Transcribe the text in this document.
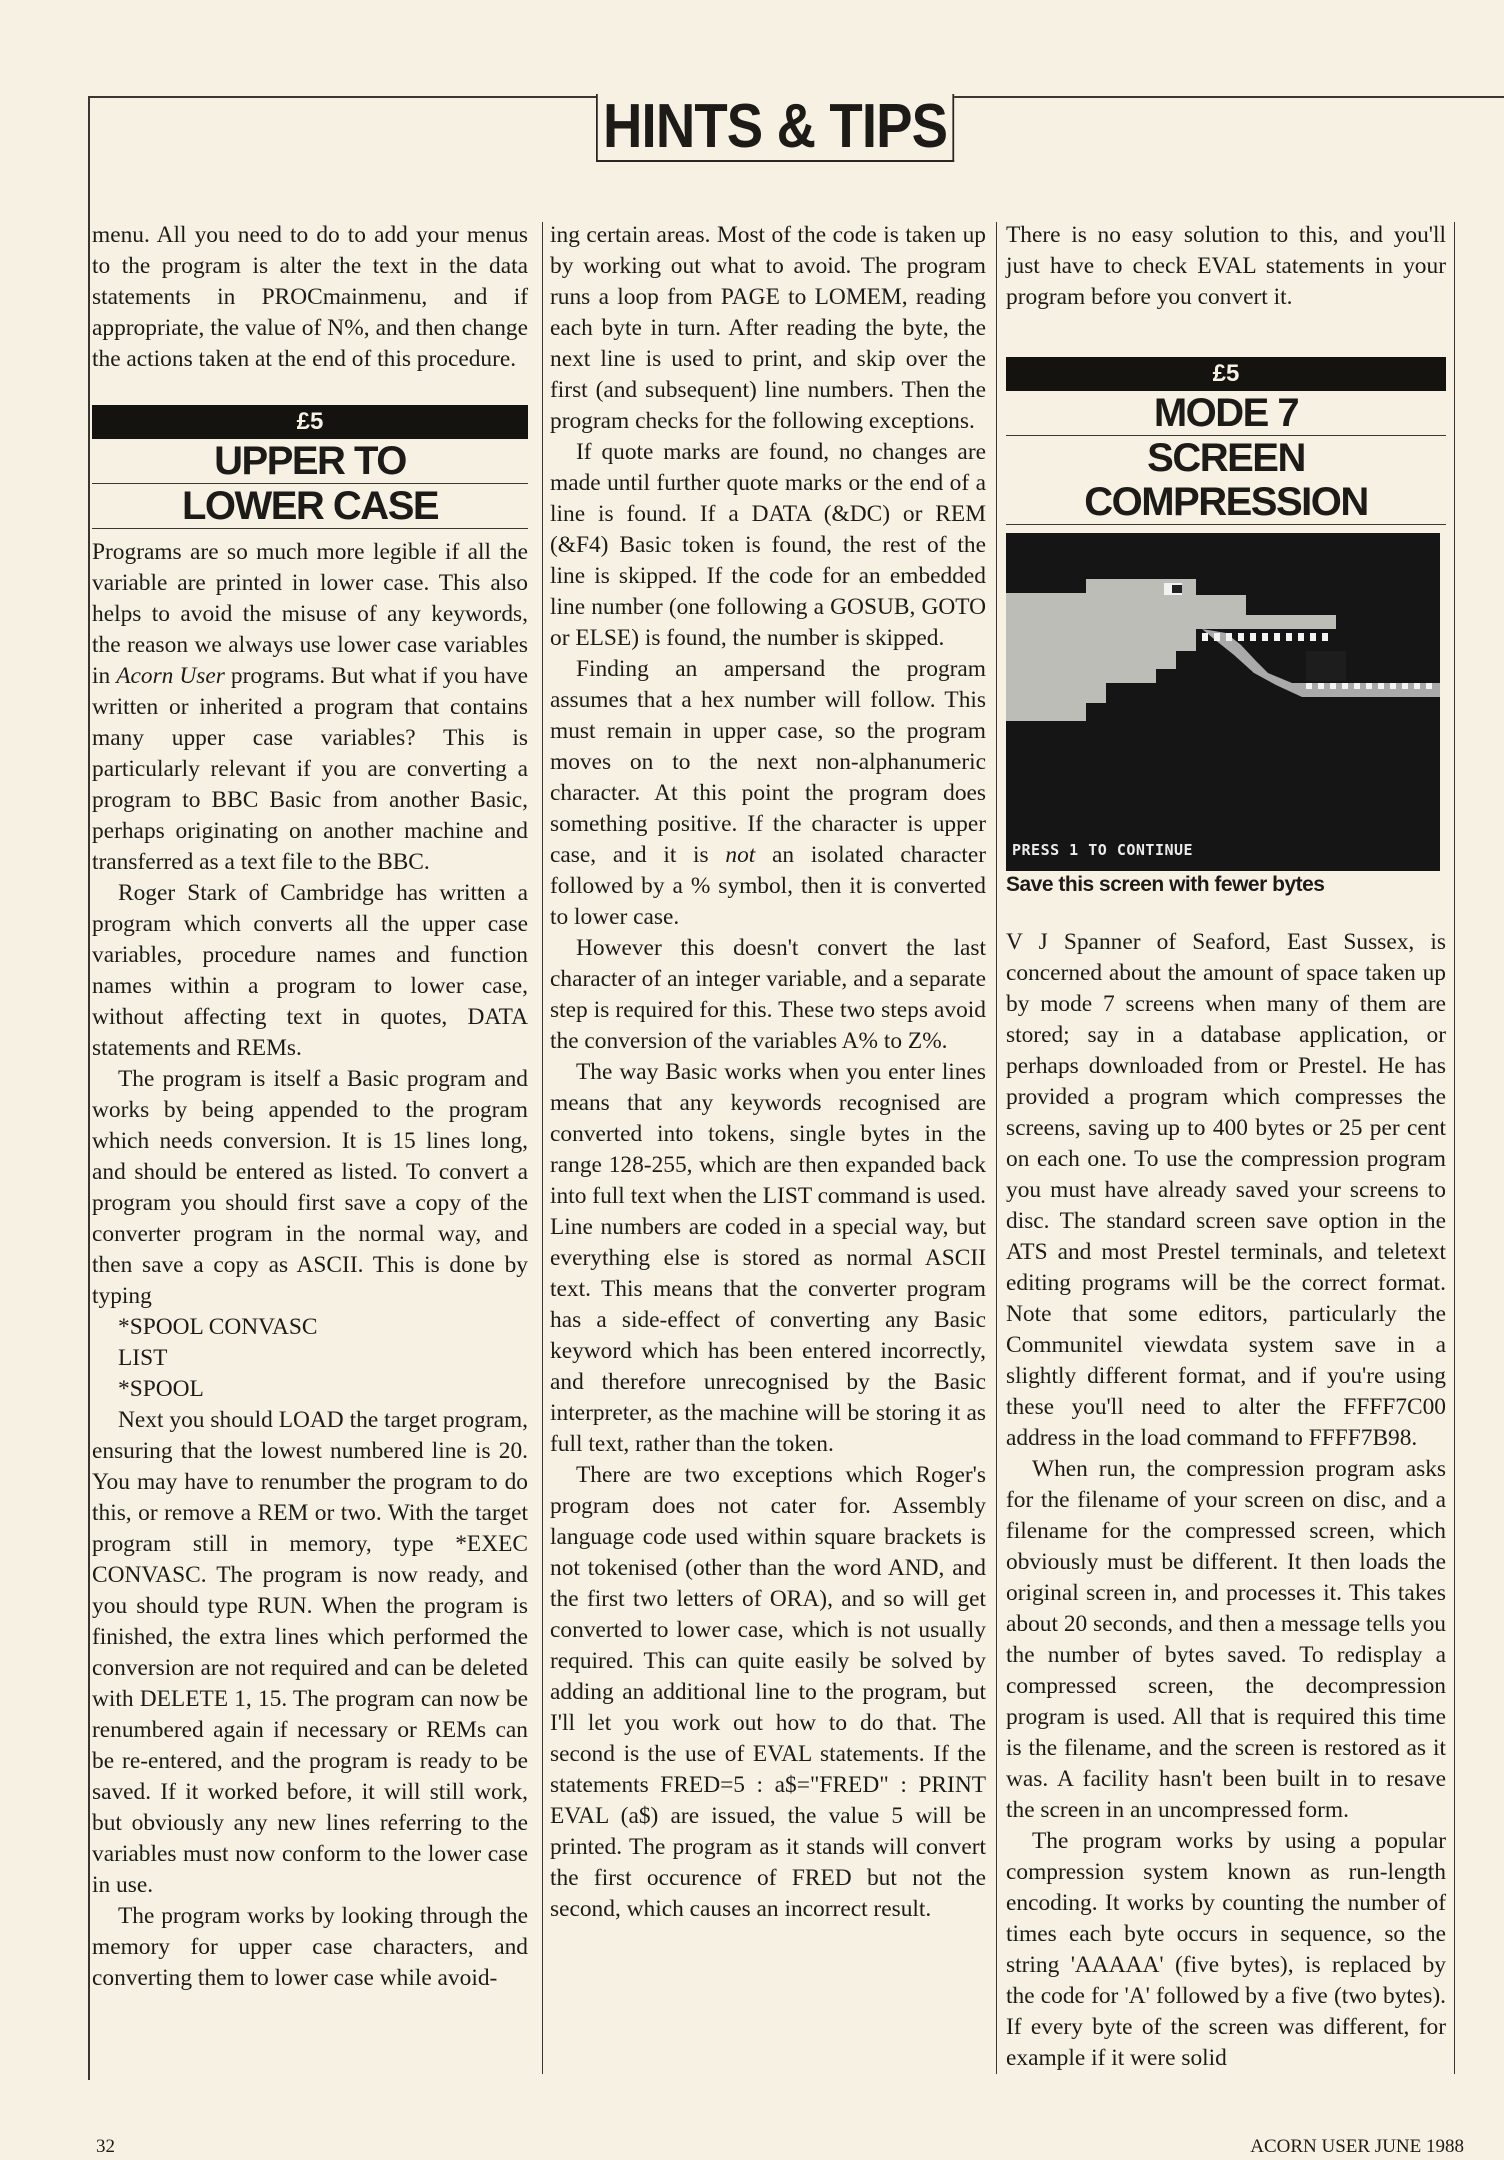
HINTS & TIPS

menu. All you need to do to add your menus to the program is alter the text in the data statements in PROCmainmenu, and if appropriate, the value of N%, and then change the actions taken at the end of this procedure.

£5
UPPER TO
LOWER CASE

Programs are so much more legible if all the variable are printed in lower case. This also helps to avoid the misuse of any keywords, the reason we always use lower case variables in Acorn User programs. But what if you have written or inherited a program that contains many upper case variables? This is particularly relevant if you are converting a program to BBC Basic from another Basic, perhaps originating on another machine and transferred as a text file to the BBC.

Roger Stark of Cambridge has written a program which converts all the upper case variables, procedure names and function names within a program to lower case, without affecting text in quotes, DATA statements and REMs.

The program is itself a Basic program and works by being appended to the program which needs conversion. It is 15 lines long, and should be entered as listed. To convert a program you should first save a copy of the converter program in the normal way, and then save a copy as ASCII. This is done by typing

*SPOOL CONVASC
LIST
*SPOOL

Next you should LOAD the target program, ensuring that the lowest numbered line is 20. You may have to renumber the program to do this, or remove a REM or two. With the target program still in memory, type *EXEC CONVASC. The program is now ready, and you should type RUN. When the program is finished, the extra lines which performed the conversion are not required and can be deleted with DELETE 1, 15. The program can now be renumbered again if necessary or REMs can be re-entered, and the program is ready to be saved. If it worked before, it will still work, but obviously any new lines referring to the variables must now conform to the lower case in use.

The program works by looking through the memory for upper case characters, and converting them to lower case while avoid-

ing certain areas. Most of the code is taken up by working out what to avoid. The program runs a loop from PAGE to LOMEM, reading each byte in turn. After reading the byte, the next line is used to print, and skip over the first (and subsequent) line numbers. Then the program checks for the following exceptions.

If quote marks are found, no changes are made until further quote marks or the end of a line is found. If a DATA (&DC) or REM (&F4) Basic token is found, the rest of the line is skipped. If the code for an embedded line number (one following a GOSUB, GOTO or ELSE) is found, the number is skipped.

Finding an ampersand the program assumes that a hex number will follow. This must remain in upper case, so the program moves on to the next non-alphanumeric character. At this point the program does something positive. If the character is upper case, and it is not an isolated character followed by a % symbol, then it is converted to lower case.

However this doesn't convert the last character of an integer variable, and a separate step is required for this. These two steps avoid the conversion of the variables A% to Z%.

The way Basic works when you enter lines means that any keywords recognised are converted into tokens, single bytes in the range 128-255, which are then expanded back into full text when the LIST command is used. Line numbers are coded in a special way, but everything else is stored as normal ASCII text. This means that the converter program has a side-effect of converting any Basic keyword which has been entered incorrectly, and therefore unrecognised by the Basic interpreter, as the machine will be storing it as full text, rather than the token.

There are two exceptions which Roger's program does not cater for. Assembly language code used within square brackets is not tokenised (other than the word AND, and the first two letters of ORA), and so will get converted to lower case, which is not usually required. This can quite easily be solved by adding an additional line to the program, but I'll let you work out how to do that. The second is the use of EVAL statements. If the statements FRED=5 : a$="FRED" : PRINT EVAL (a$) are issued, the value 5 will be printed. The program as it stands will convert the first occurence of FRED but not the second, which causes an incorrect result.

There is no easy solution to this, and you'll just have to check EVAL statements in your program before you convert it.

£5
MODE 7
SCREEN COMPRESSION
PRESS 1 TO CONTINUE
Save this screen with fewer bytes

V J Spanner of Seaford, East Sussex, is concerned about the amount of space taken up by mode 7 screens when many of them are stored; say in a database application, or perhaps downloaded from or Prestel. He has provided a program which compresses the screens, saving up to 400 bytes or 25 per cent on each one. To use the compression program you must have already saved your screens to disc. The standard screen save option in the ATS and most Prestel terminals, and teletext editing programs will be the correct format. Note that some editors, particularly the Communitel viewdata system save in a slightly different format, and if you're using these you'll need to alter the FFFF7C00 address in the load command to FFFF7B98.

When run, the compression program asks for the filename of your screen on disc, and a filename for the compressed screen, which obviously must be different. It then loads the original screen in, and processes it. This takes about 20 seconds, and then a message tells you the number of bytes saved. To redisplay a compressed screen, the decompression program is used. All that is required this time is the filename, and the screen is restored as it was. A facility hasn't been built in to resave the screen in an uncompressed form.

The program works by using a popular compression system known as run-length encoding. It works by counting the number of times each byte occurs in sequence, so the string 'AAAAA' (five bytes), is replaced by the code for 'A' followed by a five (two bytes). If every byte of the screen was different, for example if it were solid

32	ACORN USER JUNE 1988
